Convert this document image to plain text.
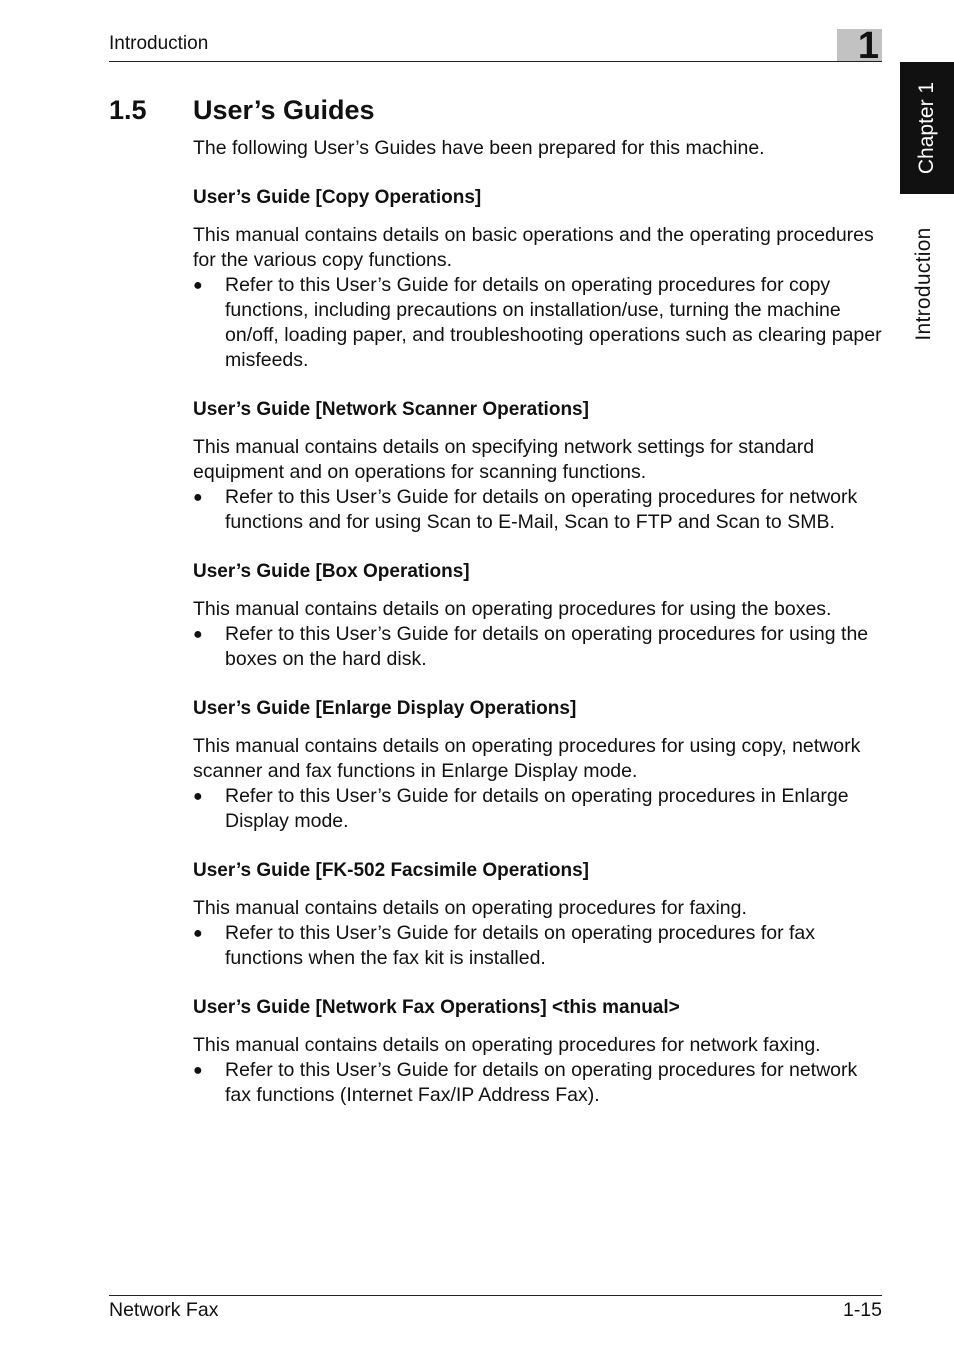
Introduction	1
Chapter 1
Introduction
1.5 User’s Guides

The following User’s Guides have been prepared for this machine.

User’s Guide [Copy Operations]

This manual contains details on basic operations and the operating procedures for the various copy functions.

●	Refer to this User’s Guide for details on operating procedures for copy functions, including precautions on installation/use, turning the machine on/off, loading paper, and troubleshooting operations such as clearing paper misfeeds.
User’s Guide [Network Scanner Operations]

This manual contains details on specifying network settings for standard equipment and on operations for scanning functions.

●	Refer to this User’s Guide for details on operating procedures for network functions and for using Scan to E-Mail, Scan to FTP and Scan to SMB.
User’s Guide [Box Operations]

This manual contains details on operating procedures for using the boxes.

●	Refer to this User’s Guide for details on operating procedures for using the boxes on the hard disk.
User’s Guide [Enlarge Display Operations]

This manual contains details on operating procedures for using copy, network scanner and fax functions in Enlarge Display mode.

●	Refer to this User’s Guide for details on operating procedures in Enlarge Display mode.
User’s Guide [FK-502 Facsimile Operations]

This manual contains details on operating procedures for faxing.

●	Refer to this User’s Guide for details on operating procedures for fax functions when the fax kit is installed.
User’s Guide [Network Fax Operations] <this manual>

This manual contains details on operating procedures for network faxing.

●	Refer to this User’s Guide for details on operating procedures for network fax functions (Internet Fax/IP Address Fax).
Network Fax	1-15
